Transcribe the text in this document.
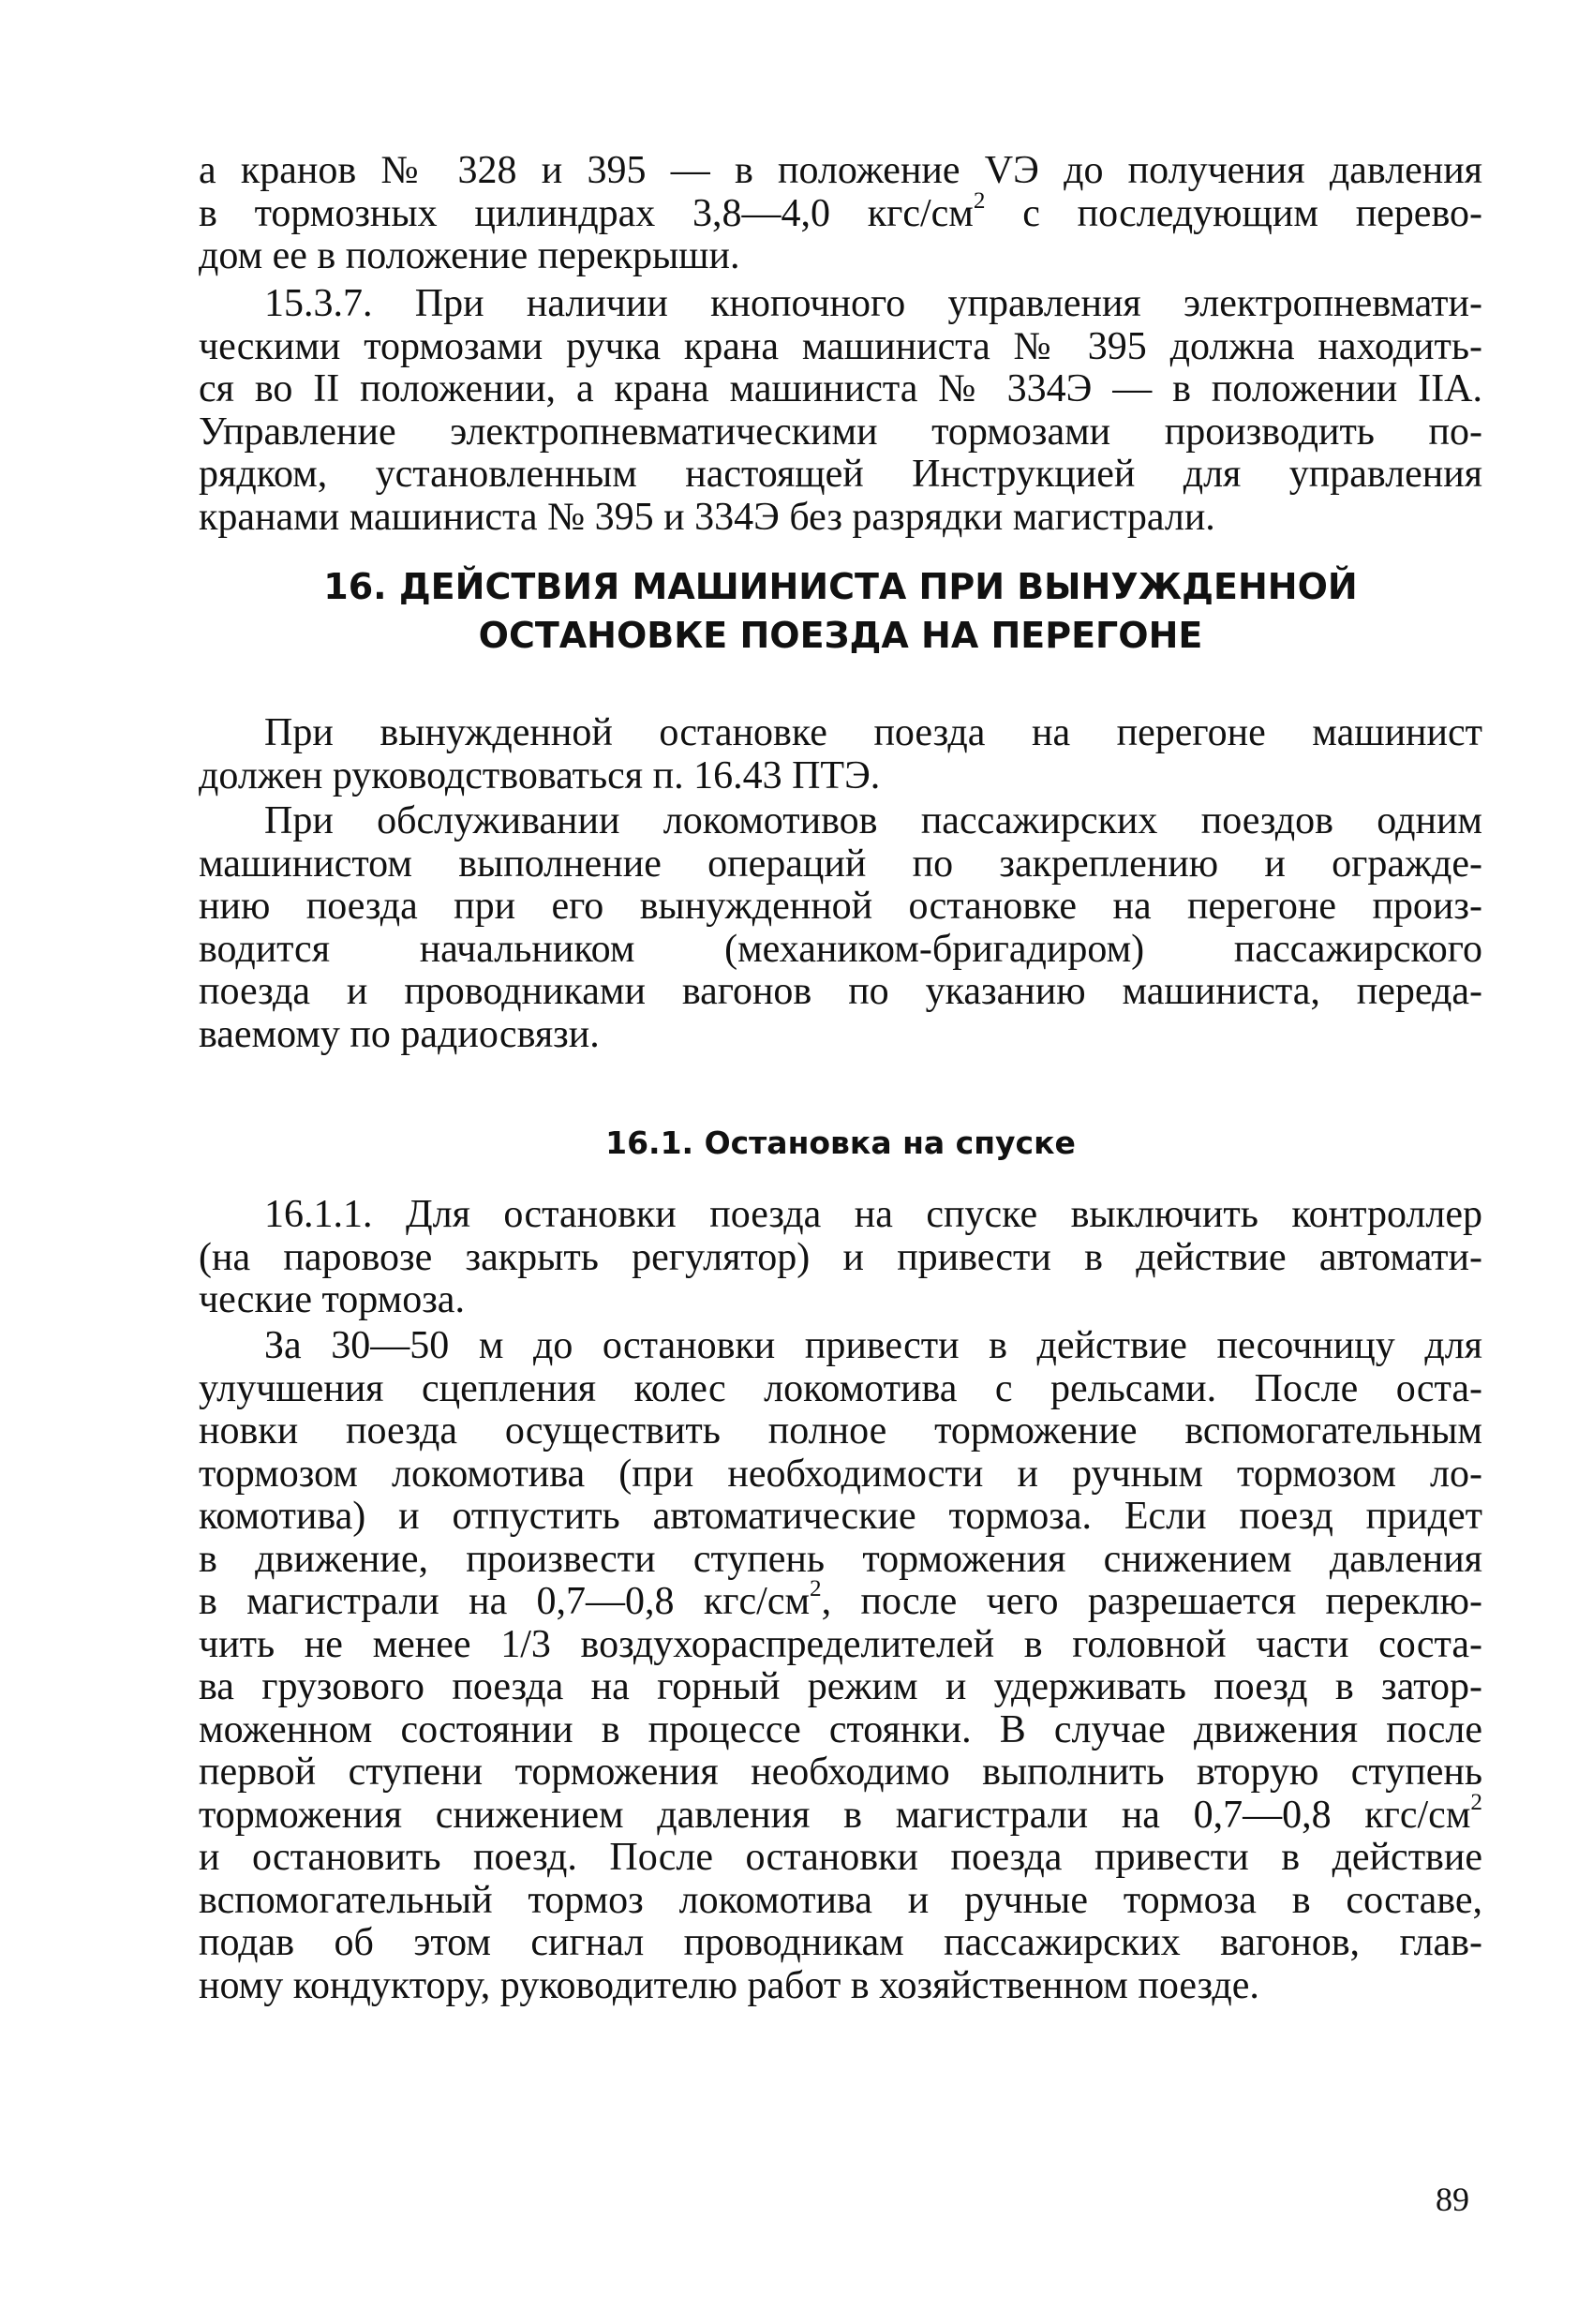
а кранов № 328 и 395 — в положение VЭ до получения давления
в тормозных цилиндрах 3,8—4,0 кгс/$см^2$ с последующим перево-
дом ее в положение перекрыши.

15.3.7. При наличии кнопочного управления электропневмати-
ческими тормозами ручка крана машиниста № 395 должна находить-
ся во II положении, а крана машиниста № 334Э — в положении IIA.
Управление электропневматическими тормозами производить по-
рядком, установленным настоящей Инструкцией для управления
кранами машиниста № 395 и 334Э без разрядки магистрали.

16. ДЕЙСТВИЯ МАШИНИСТА ПРИ ВЫНУЖДЕННОЙ
ОСТАНОВКЕ ПОЕЗДА НА ПЕРЕГОНЕ

При вынужденной остановке поезда на перегоне машинист
должен руководствоваться п. 16.43 ПТЭ.

При обслуживании локомотивов пассажирских поездов одним
машинистом выполнение операций по закреплению и огражде-
нию поезда при его вынужденной остановке на перегоне произ-
водится начальником (механиком-бригадиром) пассажирского
поезда и проводниками вагонов по указанию машиниста, переда-
ваемому по радиосвязи.

16.1. Остановка на спуске

16.1.1. Для остановки поезда на спуске выключить контроллер
(на паровозе закрыть регулятор) и привести в действие автомати-
ческие тормоза.

За 30—50 м до остановки привести в действие песочницу для
улучшения сцепления колес локомотива с рельсами. После оста-
новки поезда осуществить полное торможение вспомогательным
тормозом локомотива (при необходимости и ручным тормозом ло-
комотива) и отпустить автоматические тормоза. Если поезд придет
в движение, произвести ступень торможения снижением давления
в магистрали на 0,7—0,8 кгс/$см^2$, после чего разрешается переклю-
чить не менее 1/3 воздухораспределителей в головной части соста-
ва грузового поезда на горный режим и удерживать поезд в затор-
моженном состоянии в процессе стоянки. В случае движения после
первой ступени торможения необходимо выполнить вторую ступень
торможения снижением давления в магистрали на 0,7—0,8 кгс/$см^2$
и остановить поезд. После остановки поезда привести в действие
вспомогательный тормоз локомотива и ручные тормоза в составе,
подав об этом сигнал проводникам пассажирских вагонов, глав-
ному кондуктору, руководителю работ в хозяйственном поезде.

89
